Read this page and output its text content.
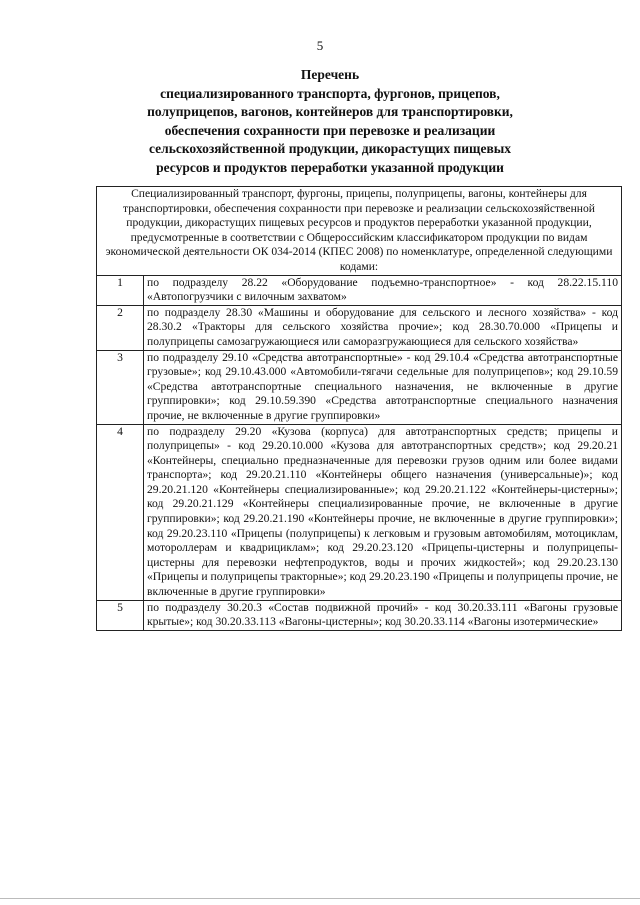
5
Перечень
специализированного транспорта, фургонов, прицепов,
полуприцепов, вагонов, контейнеров для транспортировки,
обеспечения сохранности при перевозке и реализации
сельскохозяйственной продукции, дикорастущих пищевых
ресурсов и продуктов переработки указанной продукции
Специализированный транспорт, фургоны, прицепы, полуприцепы, вагоны, контейнеры для транспортировки, обеспечения сохранности при перевозке и реализации сельскохозяйственной продукции, дикорастущих пищевых ресурсов и продуктов переработки указанной продукции, предусмотренные в соответствии с Общероссийским классификатором продукции по видам экономической деятельности ОК 034-2014 (КПЕС 2008) по номенклатуре, определенной следующими кодами:	
1	по подразделу 28.22 «Оборудование подъемно-транспортное» - код 28.22.15.110 «Автопогрузчики с вилочным захватом»
2	по подразделу 28.30 «Машины и оборудование для сельского и лесного хозяйства» - код 28.30.2 «Тракторы для сельского хозяйства прочие»; код 28.30.70.000 «Прицепы и полуприцепы самозагружающиеся или саморазгружающиеся для сельского хозяйства»
3	по подразделу 29.10 «Средства автотранспортные» - код 29.10.4 «Средства автотранспортные грузовые»; код 29.10.43.000 «Автомобили-тягачи седельные для полуприцепов»; код 29.10.59 «Средства автотранспортные специального назначения, не включенные в другие группировки»; код 29.10.59.390 «Средства автотранспортные специального назначения прочие, не включенные в другие группировки»
4	по подразделу 29.20 «Кузова (корпуса) для автотранспортных средств; прицепы и полуприцепы» - код 29.20.10.000 «Кузова для автотранспортных средств»; код 29.20.21 «Контейнеры, специально предназначенные для перевозки грузов одним или более видами транспорта»; код 29.20.21.110 «Контейнеры общего назначения (универсальные)»; код 29.20.21.120 «Контейнеры специализированные»; код 29.20.21.122 «Контейнеры-цистерны»; код 29.20.21.129 «Контейнеры специализированные прочие, не включенные в другие группировки»; код 29.20.21.190 «Контейнеры прочие, не включенные в другие группировки»; код 29.20.23.110 «Прицепы (полуприцепы) к легковым и грузовым автомобилям, мотоциклам, мотороллерам и квадрициклам»; код 29.20.23.120 «Прицепы-цистерны и полуприцепы-цистерны для перевозки нефтепродуктов, воды и прочих жидкостей»; код 29.20.23.130 «Прицепы и полуприцепы тракторные»; код 29.20.23.190 «Прицепы и полуприцепы прочие, не включенные в другие группировки»
5	по подразделу 30.20.3 «Состав подвижной прочий» - код 30.20.33.111 «Вагоны грузовые крытые»; код 30.20.33.113 «Вагоны-цистерны»; код 30.20.33.114 «Вагоны изотермические»
